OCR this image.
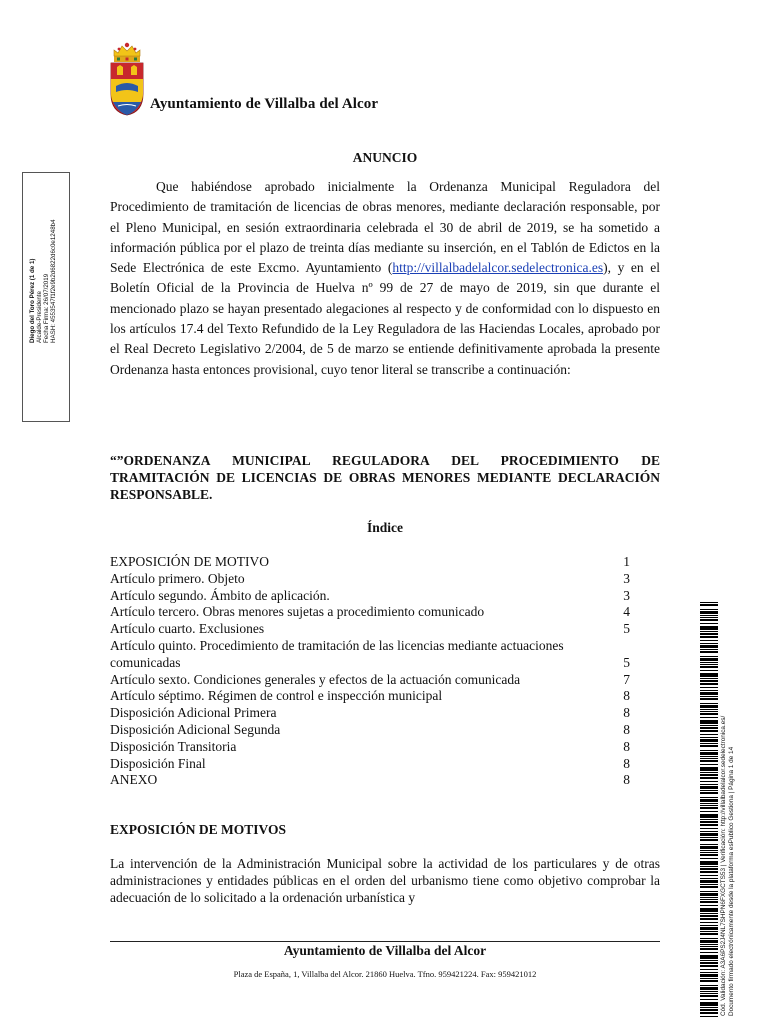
Ayuntamiento de Villalba del Alcor
Diego del Toro Pérez (1 de 1) Alcalde-Presidente Fecha Firma: 26/07/2019 HASH: 4553547f1f2e9b2d6822d6c0e1248b4
ANUNCIO
Que habiéndose aprobado inicialmente la Ordenanza Municipal Reguladora del Procedimiento de tramitación de licencias de obras menores, mediante declaración responsable, por el Pleno Municipal, en sesión extraordinaria celebrada el 30 de abril de 2019, se ha sometido a información pública por el plazo de treinta días mediante su inserción, en el Tablón de Edictos en la Sede Electrónica de este Excmo. Ayuntamiento (http://villalbadelalcor.sedelectronica.es), y en el Boletín Oficial de la Provincia de Huelva nº 99 de 27 de mayo de 2019, sin que durante el mencionado plazo se hayan presentado alegaciones al respecto y de conformidad con lo dispuesto en los artículos 17.4 del Texto Refundido de la Ley Reguladora de las Haciendas Locales, aprobado por el Real Decreto Legislativo 2/2004, de 5 de marzo se entiende definitivamente aprobada la presente Ordenanza hasta entonces provisional, cuyo tenor literal se transcribe a continuación:
“”ORDENANZA MUNICIPAL REGULADORA DEL PROCEDIMIENTO DE TRAMITACIÓN DE LICENCIAS DE OBRAS MENORES MEDIANTE DECLARACIÓN RESPONSABLE.
Índice
EXPOSICIÓN DE MOTIVO	1
Artículo primero. Objeto	3
Artículo segundo. Ámbito de aplicación.	3
Artículo tercero. Obras menores sujetas a procedimiento comunicado	4
Artículo cuarto. Exclusiones	5
Artículo quinto. Procedimiento de tramitación de las licencias mediante actuaciones comunicadas	5
Artículo sexto. Condiciones generales y efectos de la actuación comunicada	7
Artículo séptimo. Régimen de control e inspección municipal	8
Disposición Adicional Primera	8
Disposición Adicional Segunda	8
Disposición Transitoria	8
Disposición Final	8
ANEXO	8
EXPOSICIÓN DE MOTIVOS
La intervención de la Administración Municipal sobre la actividad de los particulares y de otras administraciones y entidades públicas en el orden del urbanismo tiene como objetivo comprobar la adecuación de lo solicitado a la ordenación urbanística y
Ayuntamiento de Villalba del Alcor
Plaza de España, 1, Villalba del Alcor. 21860 Huelva. Tfno. 959421224. Fax: 959421012	Cód. Validación: A3A6PS2J4NL7SHPN6FXGCTS53 | Verificación: http://villalbadelalcor.sedelectronica.es/ Documento firmado electrónicamente desde la plataforma esPublico Gestiona | Página 1 de 14
